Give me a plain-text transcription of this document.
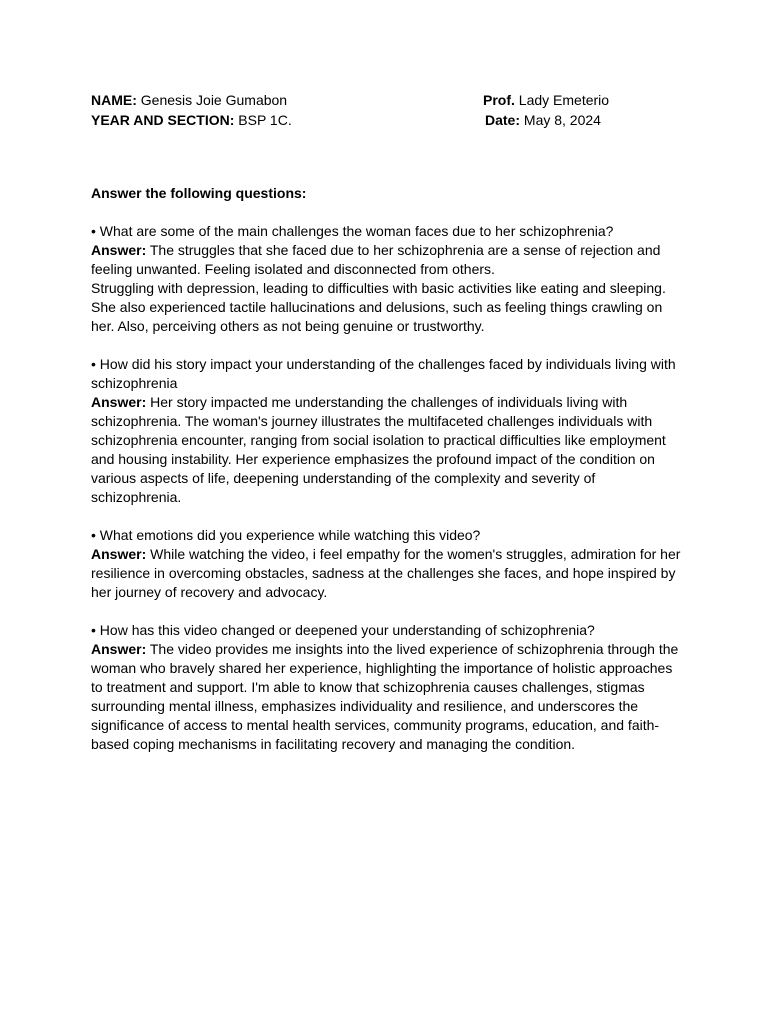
NAME: Genesis Joie Gumabon
YEAR AND SECTION: BSP 1C.
Prof. Lady Emeterio
Date: May 8, 2024

Answer the following questions:

• What are some of the main challenges the woman faces due to her schizophrenia?

Answer:

The struggles that she faced due to her schizophrenia are a sense of rejection and feeling unwanted. Feeling isolated and disconnected from others.

Struggling with depression, leading to difficulties with basic activities like eating and sleeping. She also experienced tactile hallucinations and delusions, such as feeling things crawling on her. Also, perceiving others as not being genuine or trustworthy.

• How did his story impact your understanding of the challenges faced by individuals living with schizophrenia

Answer:

Her story impacted me understanding the challenges of individuals living with schizophrenia. The woman's journey illustrates the multifaceted challenges individuals with schizophrenia encounter, ranging from social isolation to practical difficulties like employment and housing instability. Her experience emphasizes the profound impact of the condition on various aspects of life, deepening understanding of the complexity and severity of schizophrenia.

• What emotions did you experience while watching this video?

Answer:

While watching the video, i feel empathy for the women's struggles, admiration for her resilience in overcoming obstacles, sadness at the challenges she faces, and hope inspired by her journey of recovery and advocacy.

• How has this video changed or deepened your understanding of schizophrenia?

Answer:

The video provides me insights into the lived experience of schizophrenia through the woman who bravely shared her experience, highlighting the importance of holistic approaches to treatment and support. I'm able to know that schizophrenia causes challenges, stigmas surrounding mental illness, emphasizes individuality and resilience, and underscores the significance of access to mental health services, community programs, education, and faith-based coping mechanisms in facilitating recovery and managing the condition.
